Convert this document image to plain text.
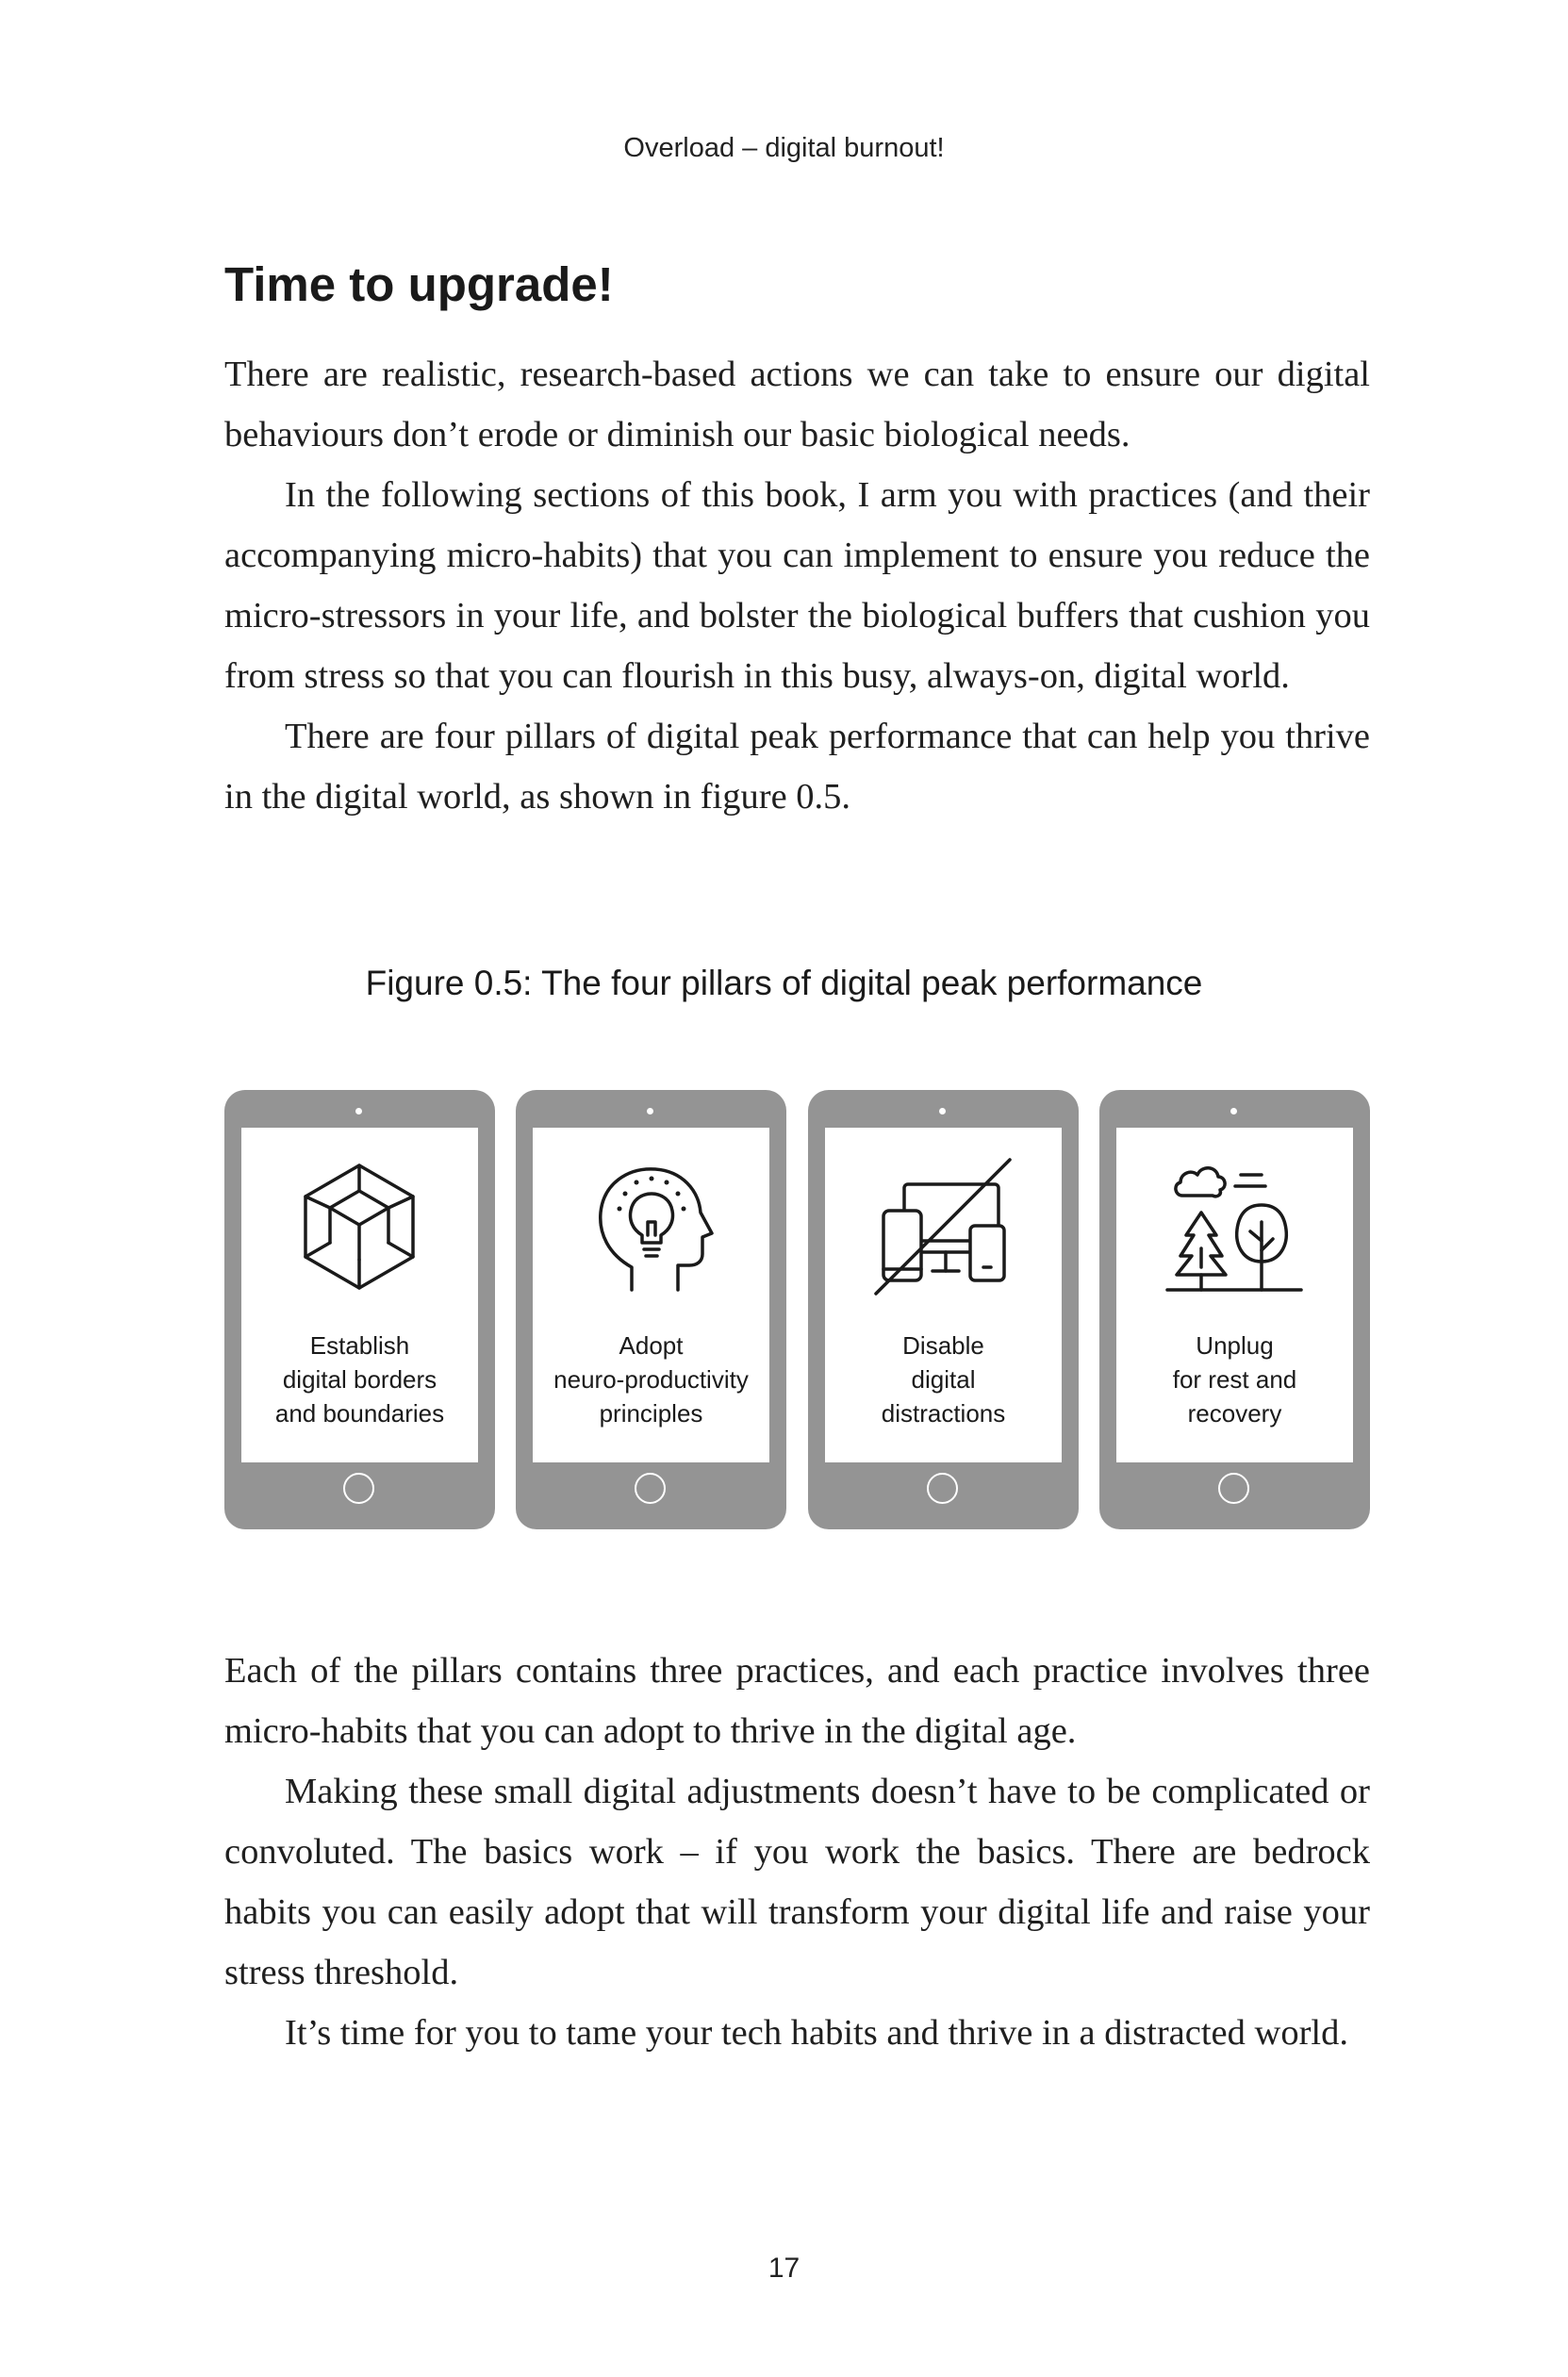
Overload – digital burnout!
Time to upgrade!

There are realistic, research-based actions we can take to ensure our digital behaviours don’t erode or diminish our basic biological needs.

In the following sections of this book, I arm you with practices (and their accompanying micro-habits) that you can implement to ensure you reduce the micro-stressors in your life, and bolster the biological buffers that cushion you from stress so that you can flourish in this busy, always-on, digital world.

There are four pillars of digital peak performance that can help you thrive in the digital world, as shown in figure 0.5.

Figure 0.5: The four pillars of digital peak performance
Establish
digital borders
and boundaries
Adopt
neuro-productivity
principles
Disable
digital
distractions
Unplug
for rest and
recovery

Each of the pillars contains three practices, and each practice involves three micro-habits that you can adopt to thrive in the digital age.

Making these small digital adjustments doesn’t have to be complicated or convoluted. The basics work – if you work the basics. There are bedrock habits you can easily adopt that will transform your digital life and raise your stress threshold.

It’s time for you to tame your tech habits and thrive in a distracted world.

17
